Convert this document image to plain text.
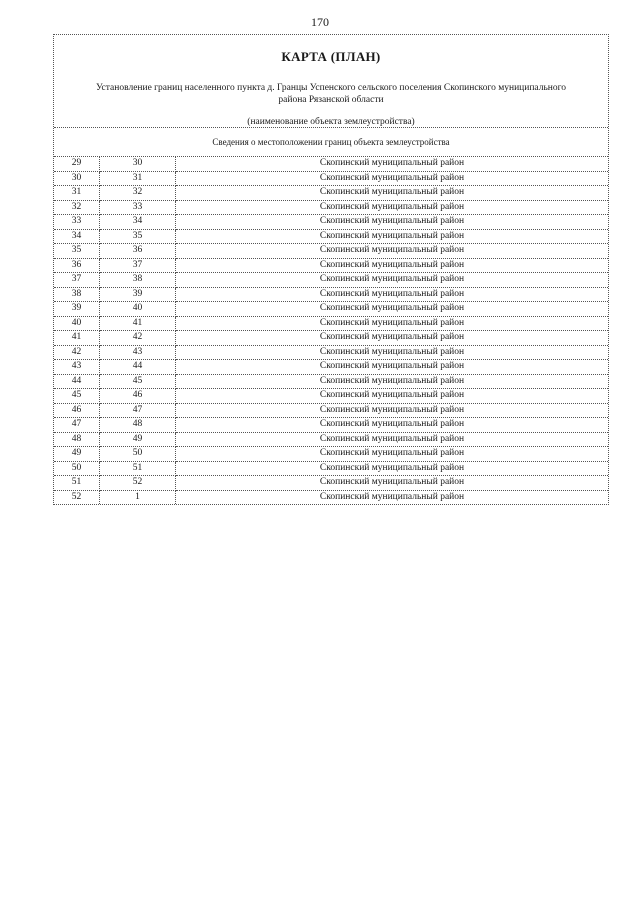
170
КАРТА (ПЛАН)
Установление границ населенного пункта д. Гранцы Успенского сельского поселения Скопинского муниципального района Рязанской области
(наименование объекта землеустройства)
Сведения о местоположении границ объекта землеустройства
29	30	Скопинский муниципальный район
30	31	Скопинский муниципальный район
31	32	Скопинский муниципальный район
32	33	Скопинский муниципальный район
33	34	Скопинский муниципальный район
34	35	Скопинский муниципальный район
35	36	Скопинский муниципальный район
36	37	Скопинский муниципальный район
37	38	Скопинский муниципальный район
38	39	Скопинский муниципальный район
39	40	Скопинский муниципальный район
40	41	Скопинский муниципальный район
41	42	Скопинский муниципальный район
42	43	Скопинский муниципальный район
43	44	Скопинский муниципальный район
44	45	Скопинский муниципальный район
45	46	Скопинский муниципальный район
46	47	Скопинский муниципальный район
47	48	Скопинский муниципальный район
48	49	Скопинский муниципальный район
49	50	Скопинский муниципальный район
50	51	Скопинский муниципальный район
51	52	Скопинский муниципальный район
52	1	Скопинский муниципальный район
